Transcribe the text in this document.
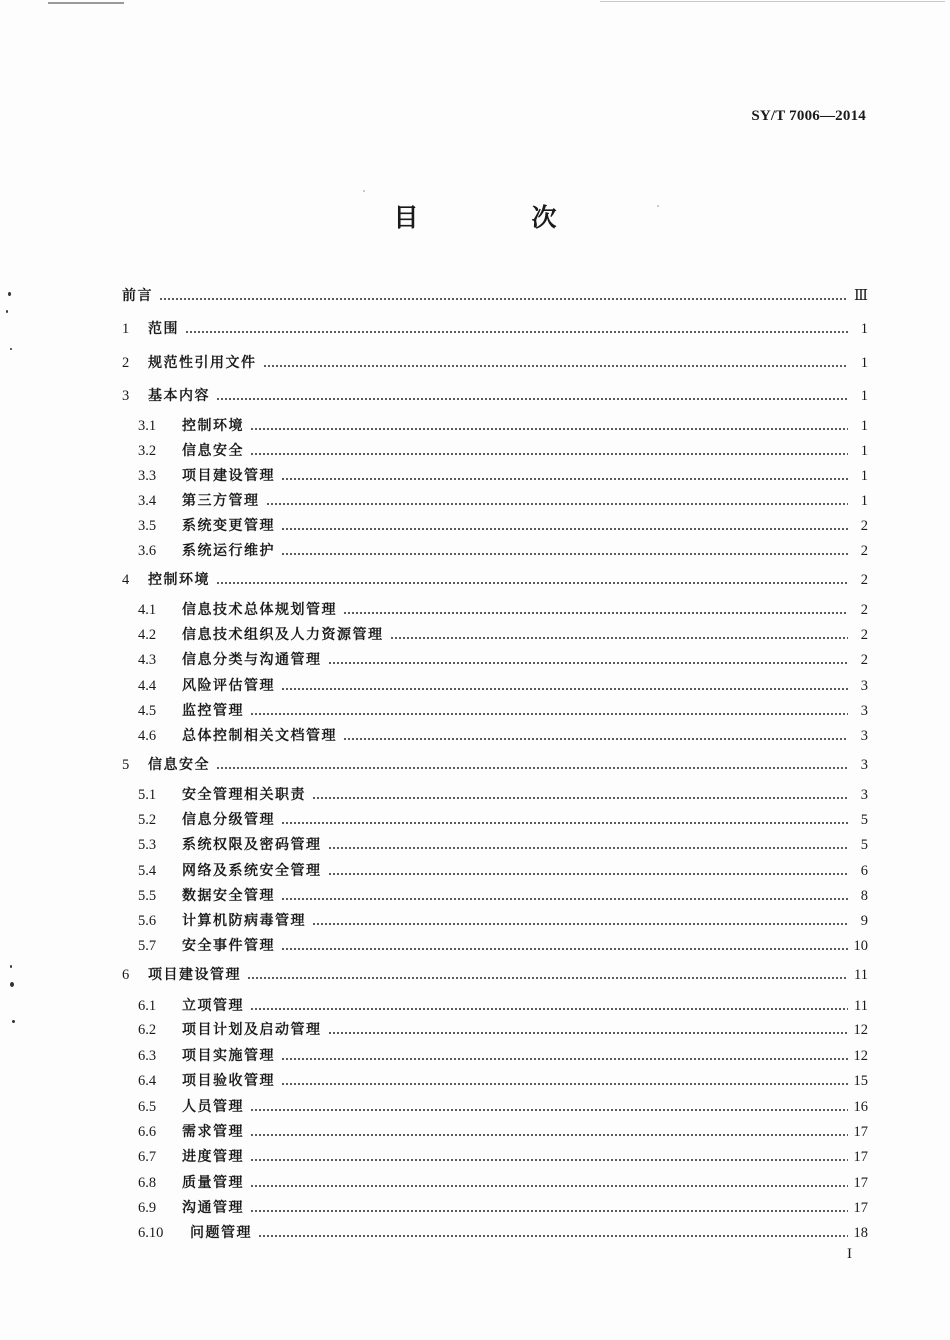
SY/T 7006—2014
目　次
前言	Ⅲ
1	范围	1
2	规范性引用文件	1
3	基本内容	1
3.1	控制环境	1
3.2	信息安全	1
3.3	项目建设管理	1
3.4	第三方管理	1
3.5	系统变更管理	2
3.6	系统运行维护	2
4	控制环境	2
4.1	信息技术总体规划管理	2
4.2	信息技术组织及人力资源管理	2
4.3	信息分类与沟通管理	2
4.4	风险评估管理	3
4.5	监控管理	3
4.6	总体控制相关文档管理	3
5	信息安全	3
5.1	安全管理相关职责	3
5.2	信息分级管理	5
5.3	系统权限及密码管理	5
5.4	网络及系统安全管理	6
5.5	数据安全管理	8
5.6	计算机防病毒管理	9
5.7	安全事件管理	10
6	项目建设管理	11
6.1	立项管理	11
6.2	项目计划及启动管理	12
6.3	项目实施管理	12
6.4	项目验收管理	15
6.5	人员管理	16
6.6	需求管理	17
6.7	进度管理	17
6.8	质量管理	17
6.9	沟通管理	17
6.10	问题管理	18
I
